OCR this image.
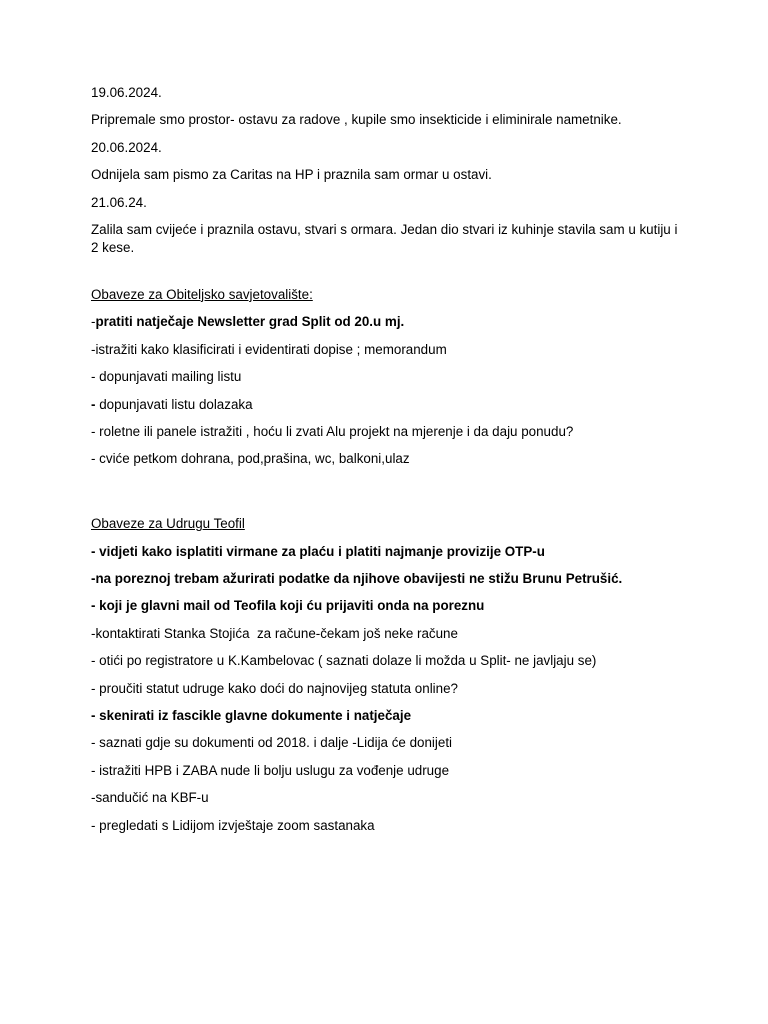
19.06.2024.

Pripremale smo prostor- ostavu za radove , kupile smo insekticide i eliminirale nametnike.

20.06.2024.

Odnijela sam pismo za Caritas na HP i praznila sam ormar u ostavi.

21.06.24.

Zalila sam cvijeće i praznila ostavu, stvari s ormara. Jedan dio stvari iz kuhinje stavila sam u kutiju i 2 kese.

Obaveze za Obiteljsko savjetovalište:

-pratiti natječaje Newsletter grad Split od 20.u mj.

-istražiti kako klasificirati i evidentirati dopise ; memorandum

- dopunjavati mailing listu

- dopunjavati listu dolazaka

- roletne ili panele istražiti , hoću li zvati Alu projekt na mjerenje i da daju ponudu?

- cviće petkom dohrana, pod,prašina, wc, balkoni,ulaz

Obaveze za Udrugu Teofil

- vidjeti kako isplatiti virmane za plaću i platiti najmanje provizije OTP-u

-na poreznoj trebam ažurirati podatke da njihove obavijesti ne stižu Brunu Petrušić.

- koji je glavni mail od Teofila koji ću prijaviti onda na poreznu

-kontaktirati Stanka Stojića  za račune-čekam još neke račune

- otići po registratore u K.Kambelovac ( saznati dolaze li možda u Split- ne javljaju se)

- proučiti statut udruge kako doći do najnovijeg statuta online?

- skenirati iz fascikle glavne dokumente i natječaje

- saznati gdje su dokumenti od 2018. i dalje -Lidija će donijeti

- istražiti HPB i ZABA nude li bolju uslugu za vođenje udruge

-sandučić na KBF-u

- pregledati s Lidijom izvještaje zoom sastanaka
